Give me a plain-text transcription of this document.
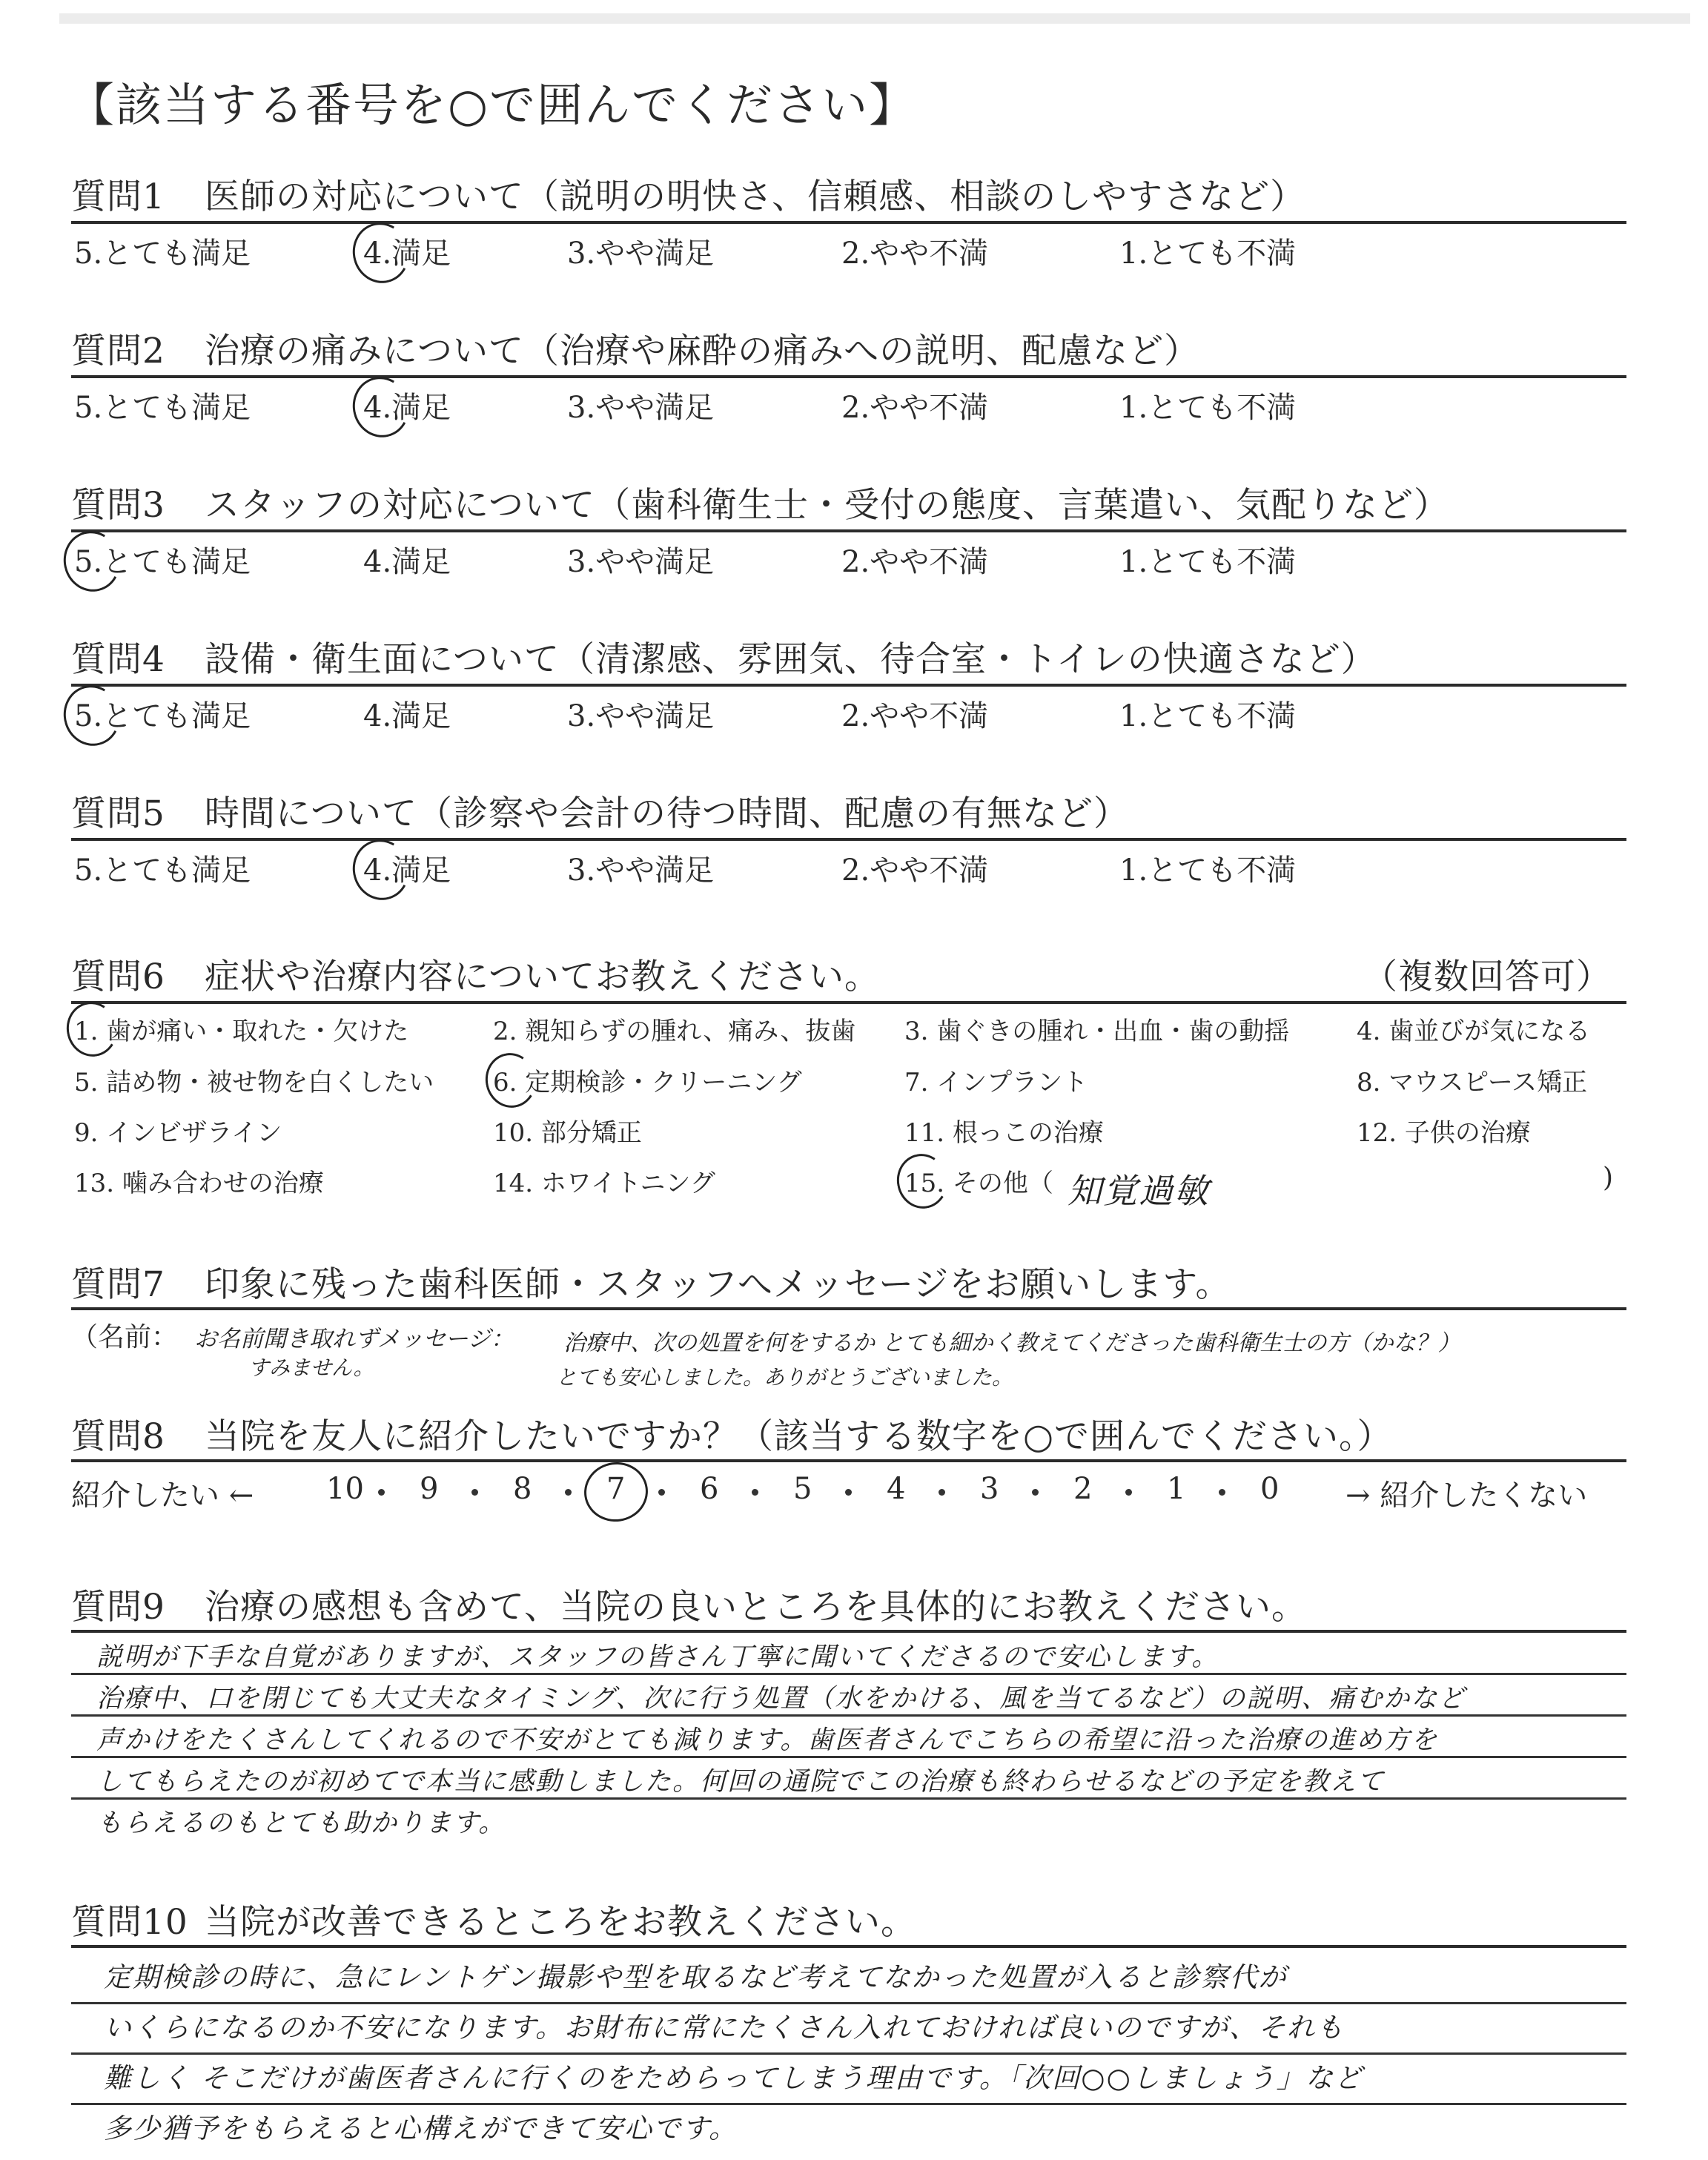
【該当する番号を○で囲んでください】
質問1 医師の対応について（説明の明快さ、信頼感、相談のしやすさなど）
5.とても満足	4.満足	3.やや満足	2.やや不満	1.とても不満
質問2 治療の痛みについて（治療や麻酔の痛みへの説明、配慮など）
5.とても満足	4.満足	3.やや満足	2.やや不満	1.とても不満
質問3 スタッフの対応について（歯科衛生士・受付の態度、言葉遣い、気配りなど）
5.とても満足	4.満足	3.やや満足	2.やや不満	1.とても不満
質問4 設備・衛生面について（清潔感、雰囲気、待合室・トイレの快適さなど）
5.とても満足	4.満足	3.やや満足	2.やや不満	1.とても不満
質問5 時間について（診察や会計の待つ時間、配慮の有無など）
5.とても満足	4.満足	3.やや満足	2.やや不満	1.とても不満
質問6 症状や治療内容についてお教えください。	（複数回答可）
1. 歯が痛い・取れた・欠けた	2. 親知らずの腫れ、痛み、抜歯 3. 歯ぐきの腫れ・出血・歯の動揺	4. 歯並びが気になる
5. 詰め物・被せ物を白くしたい 6. 定期検診・クリーニング	7. インプラント	8. マウスピース矯正
9. インビザライン	10. 部分矯正	11. 根っこの治療	12. 子供の治療
13. 噛み合わせの治療	14. ホワイトニング	15. その他（	)
知覚過敏
質問7 印象に残った歯科医師・スタッフへメッセージをお願いします。
（名前： お名前聞き取れずメッセージ：
すみません。
治療中、次の処置を何をするか とても細かく教えてくださった歯科衛生士の方（かな？）
とても安心しました。ありがとうございました。
質問8 当院を友人に紹介したいですか？（該当する数字を○で囲んでください。）
紹介したい ←	→ 紹介したくない
10 9	8	7	6	5	4	3	2	1	0
質問9 治療の感想も含めて、当院の良いところを具体的にお教えください。
説明が下手な自覚がありますが、スタッフの皆さん丁寧に聞いてくださるので安心します。
治療中、口を閉じても大丈夫なタイミング、次に行う処置（水をかける、風を当てるなど）の説明、痛むかなど
声かけをたくさんしてくれるので不安がとても減ります。歯医者さんでこちらの希望に沿った治療の進め方を
してもらえたのが初めてで本当に感動しました。何回の通院でこの治療も終わらせるなどの予定を教えて
もらえるのもとても助かります。
質問10 当院が改善できるところをお教えください。
定期検診の時に、急にレントゲン撮影や型を取るなど考えてなかった処置が入ると診察代が
いくらになるのか不安になります。お財布に常にたくさん入れておければ良いのですが、それも
難しく そこだけが歯医者さんに行くのをためらってしまう理由です。「次回○○しましょう」など
多少猶予をもらえると心構えができて安心です。
